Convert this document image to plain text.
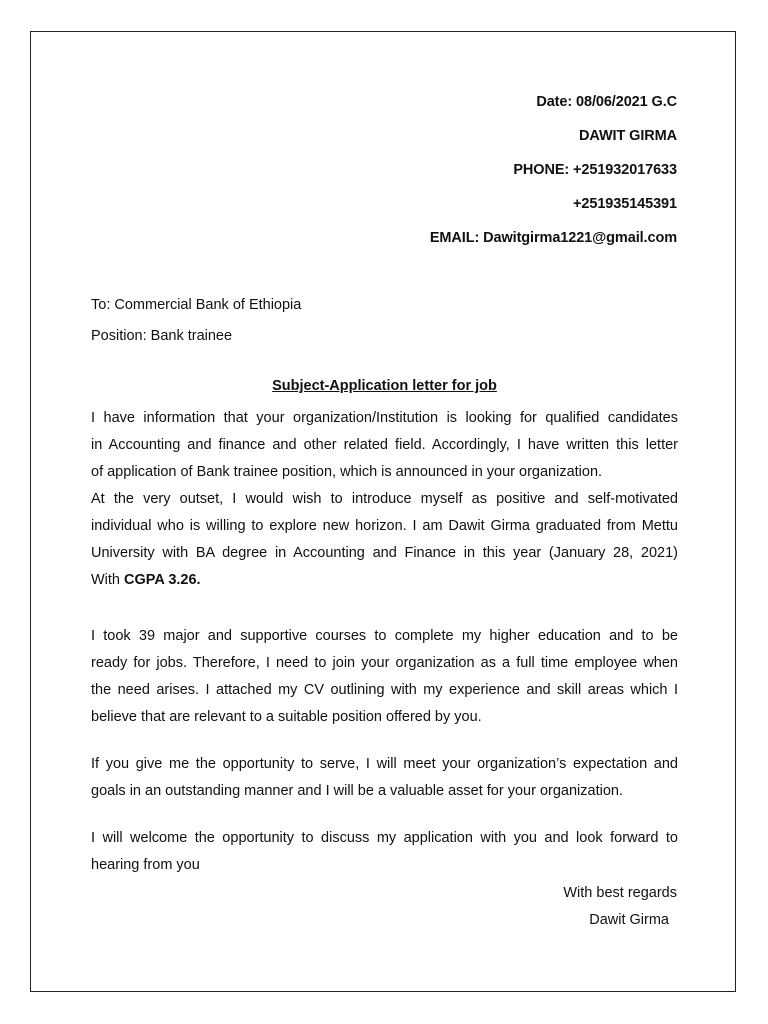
Date: 08/06/2021 G.C
DAWIT GIRMA
PHONE: +251932017633
+251935145391
EMAIL: Dawitgirma1221@gmail.com
To: Commercial Bank of Ethiopia
Position: Bank trainee
Subject-Application letter for job
I have information that your organization/Institution is looking for qualified candidates
in Accounting and finance and other related field. Accordingly, I have written this letter
of application of Bank trainee position, which is announced in your organization.
At the very outset, I would wish to introduce myself as positive and self-motivated
individual who is willing to explore new horizon. I am Dawit Girma graduated from Mettu
University with BA degree in Accounting and Finance in this year (January 28, 2021)
With CGPA 3.26.
I took 39 major and supportive courses to complete my higher education and to be
ready for jobs. Therefore, I need to join your organization as a full time employee when
the need arises. I attached my CV outlining with my experience and skill areas which I
believe that are relevant to a suitable position offered by you.
If you give me the opportunity to serve, I will meet your organization’s expectation and
goals in an outstanding manner and I will be a valuable asset for your organization.
I will welcome the opportunity to discuss my application with you and look forward to
hearing from you
With best regards
Dawit Girma
